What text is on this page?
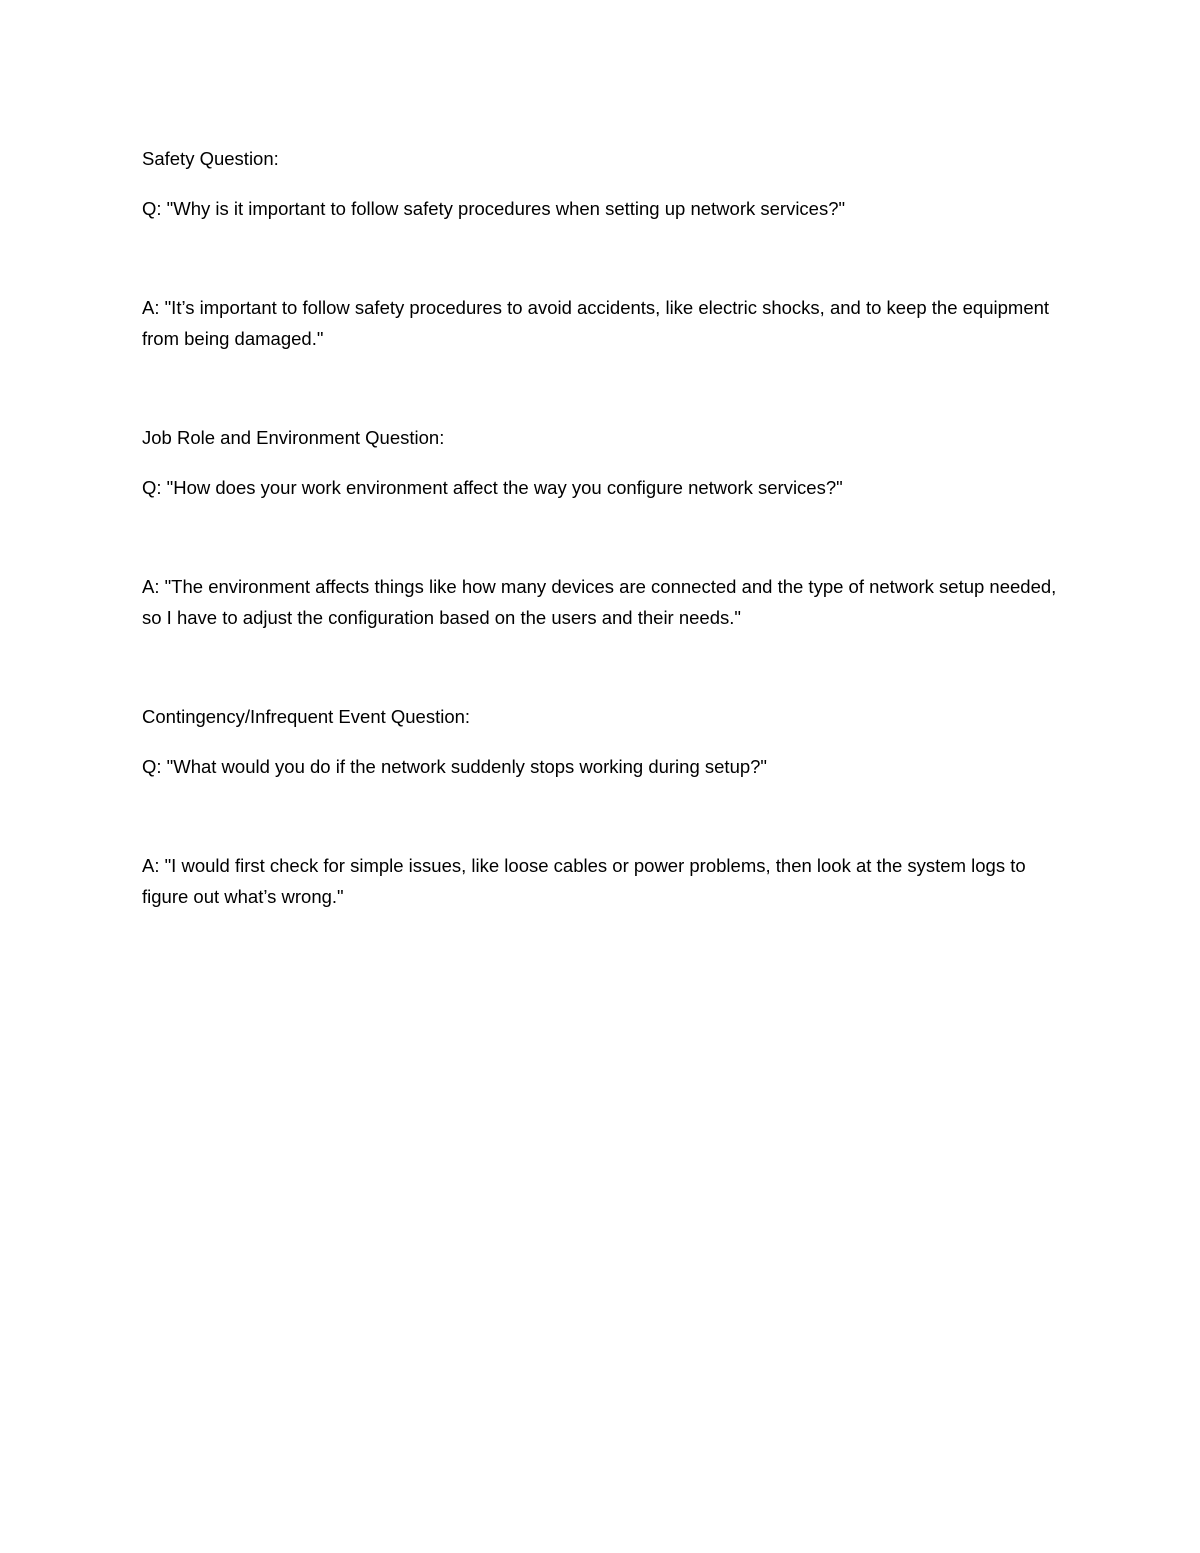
Safety Question:

Q: "Why is it important to follow safety procedures when setting up network services?"

A: "It’s important to follow safety procedures to avoid accidents, like electric shocks, and to keep the equipment from being damaged."

Job Role and Environment Question:

Q: "How does your work environment affect the way you configure network services?"

A: "The environment affects things like how many devices are connected and the type of network setup needed, so I have to adjust the configuration based on the users and their needs."

Contingency/Infrequent Event Question:

Q: "What would you do if the network suddenly stops working during setup?"

A: "I would first check for simple issues, like loose cables or power problems, then look at the system logs to figure out what’s wrong."
